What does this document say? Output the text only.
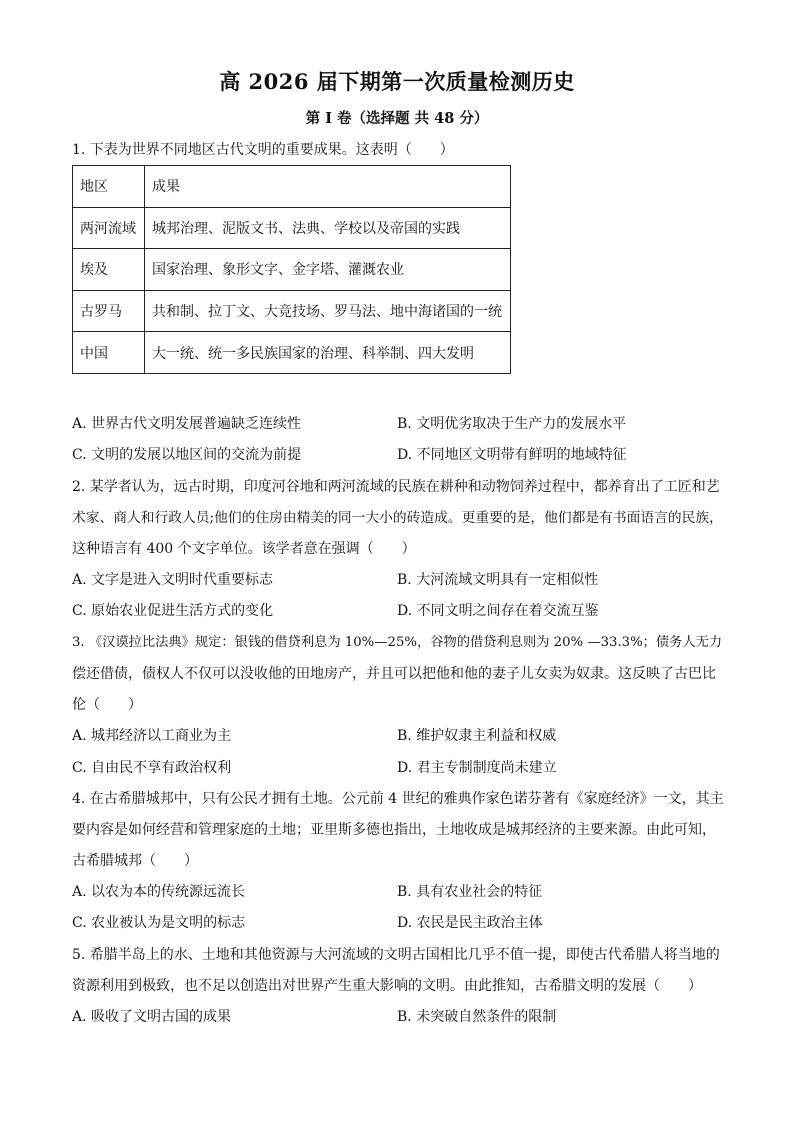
高 2026 届下期第一次质量检测历史
第 I 卷（选择题 共 48 分）
1. 下表为世界不同地区古代文明的重要成果。这表明（　　）
地区	成果
两河流域	城邦治理、泥版文书、法典、学校以及帝国的实践
埃及	国家治理、象形文字、金字塔、灌溉农业
古罗马	共和制、拉丁文、大竞技场、罗马法、地中海诸国的一统
中国	大一统、统一多民族国家的治理、科举制、四大发明
A. 世界古代文明发展普遍缺乏连续性	B. 文明优劣取决于生产力的发展水平
C. 文明的发展以地区间的交流为前提	D. 不同地区文明带有鲜明的地域特征
2. 某学者认为，远古时期，印度河谷地和两河流域的民族在耕种和动物饲养过程中，都养育出了工匠和艺
术家、商人和行政人员;他们的住房由精美的同一大小的砖造成。更重要的是，他们都是有书面语言的民族，
这种语言有 400 个文字单位。该学者意在强调（　　）
A. 文字是进入文明时代重要标志	B. 大河流域文明具有一定相似性
C. 原始农业促进生活方式的变化	D. 不同文明之间存在着交流互鉴
3. 《汉谟拉比法典》规定：银钱的借贷利息为 10%—25%，谷物的借贷利息则为 20% —33.3%；债务人无力
偿还借债，债权人不仅可以没收他的田地房产，并且可以把他和他的妻子儿女卖为奴隶。这反映了古巴比
伦（　　）
A. 城邦经济以工商业为主	B. 维护奴隶主利益和权威
C. 自由民不享有政治权利	D. 君主专制制度尚未建立
4. 在古希腊城邦中，只有公民才拥有土地。公元前 4 世纪的雅典作家色诺芬著有《家庭经济》一文，其主
要内容是如何经营和管理家庭的土地；亚里斯多德也指出，土地收成是城邦经济的主要来源。由此可知，
古希腊城邦（　　）
A. 以农为本的传统源远流长	B. 具有农业社会的特征
C. 农业被认为是文明的标志	D. 农民是民主政治主体
5. 希腊半岛上的水、土地和其他资源与大河流域的文明古国相比几乎不值一提，即使古代希腊人将当地的
资源利用到极致，也不足以创造出对世界产生重大影响的文明。由此推知，古希腊文明的发展（　　）
A. 吸收了文明古国的成果	B. 未突破自然条件的限制
